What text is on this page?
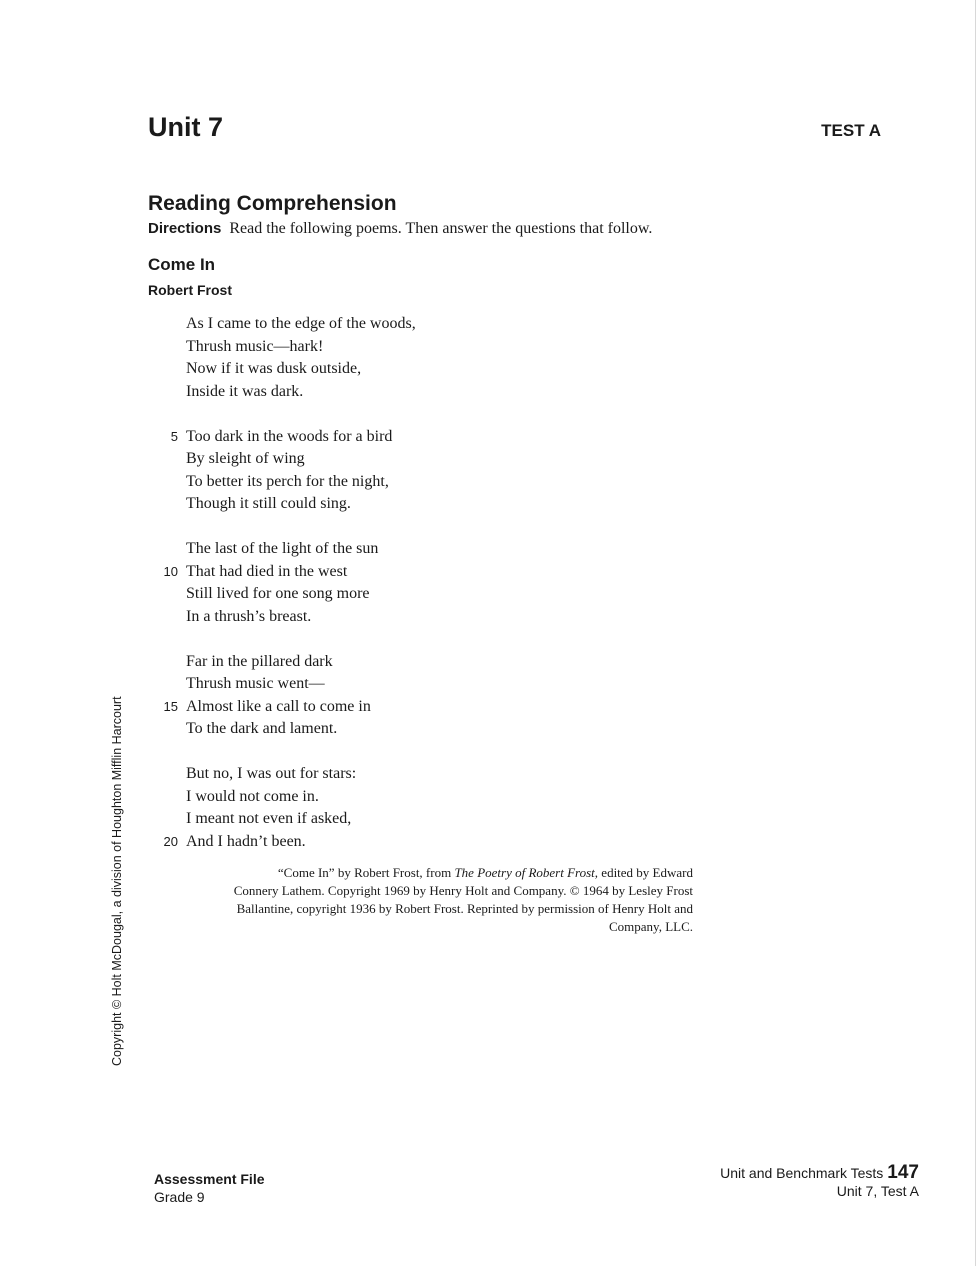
Unit 7	TEST A
Reading Comprehension
Directions Read the following poems. Then answer the questions that follow.
Come In
Robert Frost
As I came to the edge of the woods,
Thrush music—hark!
Now if it was dusk outside,
Inside it was dark.
5 Too dark in the woods for a bird
By sleight of wing
To better its perch for the night,
Though it still could sing.
The last of the light of the sun
10 That had died in the west
Still lived for one song more
In a thrush’s breast.
Far in the pillared dark
Thrush music went—
15 Almost like a call to come in
To the dark and lament.
But no, I was out for stars:
I would not come in.
I meant not even if asked,
20 And I hadn’t been.
“Come In” by Robert Frost, from The Poetry of Robert Frost, edited by Edward Connery Lathem. Copyright 1969 by Henry Holt and Company. © 1964 by Lesley Frost Ballantine, copyright 1936 by Robert Frost. Reprinted by permission of Henry Holt and Company, LLC.
Copyright © Holt McDougal, a division of Houghton Mifflin Harcourt
Assessment File
Grade 9
Unit and Benchmark Tests 147
Unit 7, Test A
